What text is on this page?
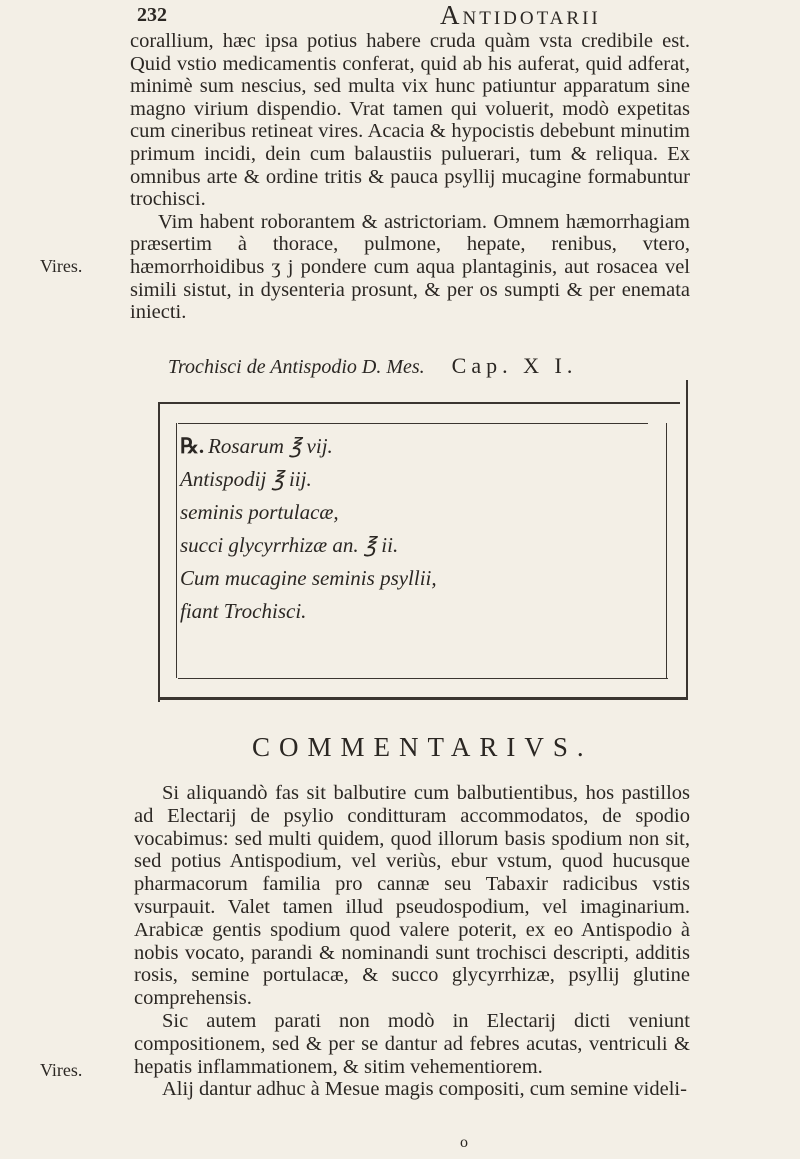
232	Antidotarii

corallium, hæc ipsa potius habere cruda quàm vsta credibile est. Quid vstio medicamentis conferat, quid ab his auferat, quid adferat, minimè sum nescius, sed multa vix hunc patiuntur apparatum sine magno virium dispendio. Vrat tamen qui voluerit, modò expetitas cum cineribus retineat vires. Acacia & hypocistis debebunt minutim primum incidi, dein cum balaustiis puluerari, tum & reliqua. Ex omnibus arte & ordine tritis & pauca psyllij mucagine formabuntur trochisci.

Vim habent roborantem & astrictoriam. Omnem hæmorrhagiam præsertim à thorace, pulmone, hepate, renibus, vtero, hæmorrhoidibus ʒ j pondere cum aqua plantaginis, aut rosacea vel simili sistut, in dysenteria prosunt, & per os sumpti & per enemata iniecti.

Vires.
Trochisci de Antispodio D. Mes. Cap. X I.
℞. Rosarum ℥ vij.
Antispodij ℥ iij.
seminis portulacæ,
succi glycyrrhizæ an. ℥ ii.
Cum mucagine seminis psyllii,
fiant Trochisci.
COMMENTARIVS.

Si aliquandò fas sit balbutire cum balbutientibus, hos pastillos ad Electarij de psylio conditturam accommodatos, de spodio vocabimus: sed multi quidem, quod illorum basis spodium non sit, sed potius Antispodium, vel veriùs, ebur vstum, quod hucusque pharmacorum familia pro cannæ seu Tabaxir radicibus vstis vsurpauit. Valet tamen illud pseudospodium, vel imaginarium. Arabicæ gentis spodium quod valere poterit, ex eo Antispodio à nobis vocato, parandi & nominandi sunt trochisci descripti, additis rosis, semine portulacæ, & succo glycyrrhizæ, psyllij glutine comprehensis.

Sic autem parati non modò in Electarij dicti veniunt compositionem, sed & per se dantur ad febres acutas, ventriculi & hepatis inflammationem, & sitim vehementiorem.

Alij dantur adhuc à Mesue magis compositi, cum semine videli-

Vires.
o
